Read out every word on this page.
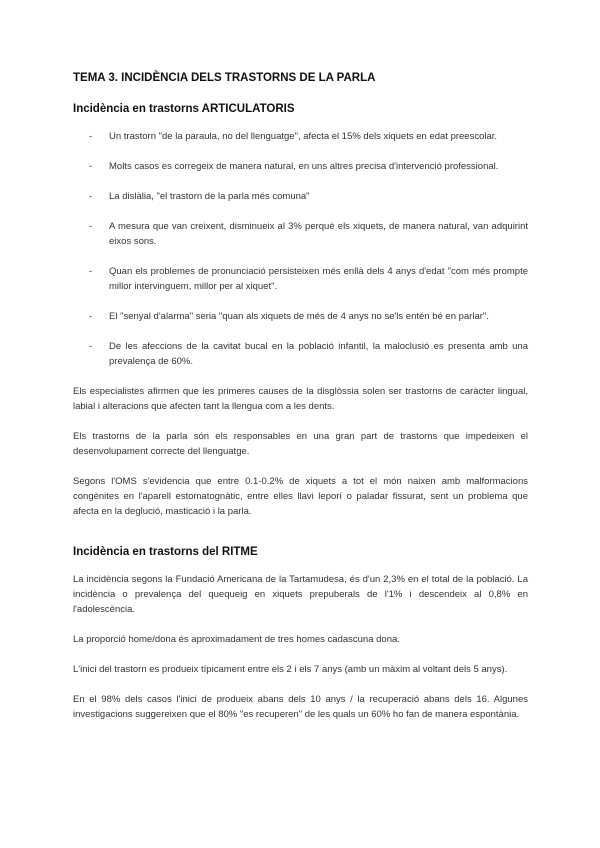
TEMA 3. INCIDÈNCIA DELS TRASTORNS DE LA PARLA
Incidència en trastorns ARTICULATORIS
- Un trastorn "de la paraula, no del llenguatge", afecta el 15% dels xiquets en edat preescolar.
- Molts casos es corregeix de manera natural, en uns altres precisa d'intervenció professional.
- La dislàlia, "el trastorn de la parla més comuna"
- A mesura que van creixent, disminueix al 3% perquè els xiquets, de manera natural, van adquirint eixos sons.
- Quan els problemes de pronunciació persisteixen més enllà dels 4 anys d'edat "com més prompte millor intervinguem, millor per al xiquet".
- El "senyal d'alarma" seria "quan als xiquets de més de 4 anys no se'ls entén bé en parlar".
- De les afeccions de la cavitat bucal en la població infantil, la maloclusió es presenta amb una prevalença de 60%.

Els especialistes afirmen que les primeres causes de la disglòssia solen ser trastorns de caràcter lingual, labial i alteracions que afecten tant la llengua com a les dents.

Els trastorns de la parla són els responsables en una gran part de trastorns que impedeixen el desenvolupament correcte del llenguatge.

Segons l'OMS s'evidencia que entre 0.1-0.2% de xiquets a tot el món naixen amb malformacions congènites en l'aparell estomatognàtic, entre elles llavi leporí o paladar fissurat, sent un problema que afecta en la deglució, masticació i la parla.

Incidència en trastorns del RITME

La incidència segons la Fundació Americana de la Tartamudesa, és d'un 2,3% en el total de la població. La incidència o prevalença del quequeig en xiquets prepuberals de l'1% i descendeix al 0,8% en l'adolescència.

La proporció home/dona és aproximadament de tres homes cadascuna dona.

L'inici del trastorn es produeix típicament entre els 2 i els 7 anys (amb un màxim al voltant dels 5 anys).

En el 98% dels casos l'inici de produeix abans dels 10 anys / la recuperació abans dels 16. Algunes investigacions suggereixen que el 80% "es recuperen" de les quals un 60% ho fan de manera espontània.
